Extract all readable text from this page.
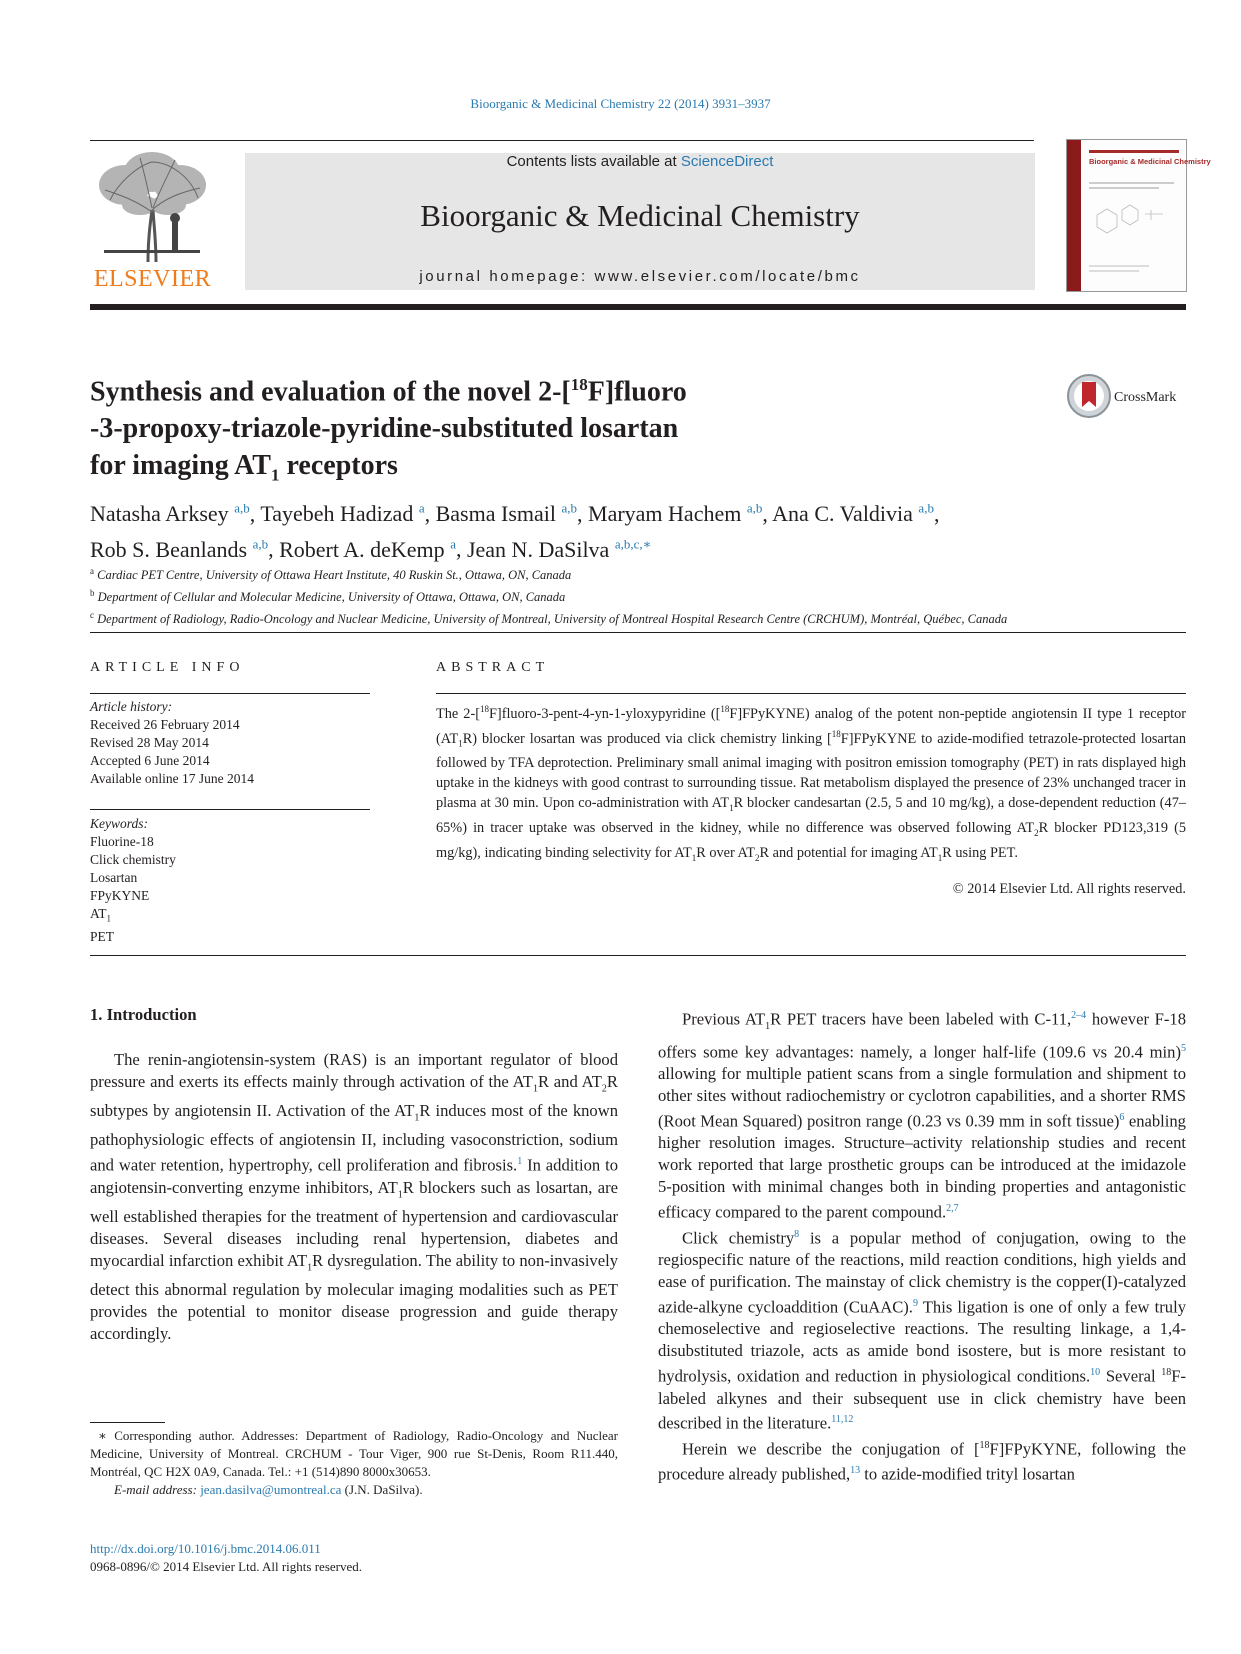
Bioorganic & Medicinal Chemistry 22 (2014) 3931–3937
ELSEVIER
Contents lists available at ScienceDirect
Bioorganic & Medicinal Chemistry
journal homepage: www.elsevier.com/locate/bmc
Bioorganic & Medicinal Chemistry
Synthesis and evaluation of the novel 2-[$^{18}$F]fluoro
-3-propoxy-triazole-pyridine-substituted losartan
for imaging $AT_1$ receptors
CrossMark
Natasha Arksey $^{a,b}$, Tayebeh Hadizad $^a$, Basma Ismail $^{a,b}$, Maryam Hachem $^{a,b}$, Ana C. Valdivia $^{a,b}$,
Rob S. Beanlands $^{a,b}$, Robert A. deKemp $^a$, Jean N. DaSilva $^{a,b,c,∗}$
$^a$ Cardiac PET Centre, University of Ottawa Heart Institute, 40 Ruskin St., Ottawa, ON, Canada
$^b$ Department of Cellular and Molecular Medicine, University of Ottawa, Ottawa, ON, Canada
$^c$ Department of Radiology, Radio-Oncology and Nuclear Medicine, University of Montreal, University of Montreal Hospital Research Centre (CRCHUM), Montréal, Québec, Canada
ARTICLE INFO	ABSTRACT
Article history:
Received 26 February 2014
Revised 28 May 2014
Accepted 6 June 2014
Available online 17 June 2014
Keywords:
Fluorine-18
Click chemistry
Losartan
FPyKYNE
$AT_1$
PET
The 2-[$^{18}$F]fluoro-3-pent-4-yn-1-yloxypyridine ([$^{18}$F]FPyKYNE) analog of the potent non-peptide angiotensin II type 1 receptor $(AT_1R)$ blocker losartan was produced via click chemistry linking [$^{18}$F]FPyKYNE to azide-modified tetrazole-protected losartan followed by TFA deprotection. Preliminary small animal imaging with positron emission tomography (PET) in rats displayed high uptake in the kidneys with good contrast to surrounding tissue. Rat metabolism displayed the presence of 23% unchanged tracer in plasma at 30 min. Upon co-administration with $AT_1R$ blocker candesartan (2.5, 5 and 10 mg/kg), a dose-dependent reduction (47–65%) in tracer uptake was observed in the kidney, while no difference was observed following $AT_2R$ blocker PD123,319 (5 mg/kg), indicating binding selectivity for $AT_1R$ over $AT_2R$ and potential for imaging $AT_1R$ using PET.
© 2014 Elsevier Ltd. All rights reserved.
1. Introduction

The renin-angiotensin-system (RAS) is an important regulator of blood pressure and exerts its effects mainly through activation of the $AT_1R$ and $AT_2R$ subtypes by angiotensin II. Activation of the $AT_1R$ induces most of the known pathophysiologic effects of angiotensin II, including vasoconstriction, sodium and water retention, hypertrophy, cell proliferation and fibrosis.$^1$ In addition to angiotensin-converting enzyme inhibitors, $AT_1R$ blockers such as losartan, are well established therapies for the treatment of hypertension and cardiovascular diseases. Several diseases including renal hypertension, diabetes and myocardial infarction exhibit $AT_1R$ dysregulation. The ability to non-invasively detect this abnormal regulation by molecular imaging modalities such as PET provides the potential to monitor disease progression and guide therapy accordingly.

Previous $AT_1R$ PET tracers have been labeled with C-11,$^{2-4}$ however F-18 offers some key advantages: namely, a longer half-life (109.6 vs 20.4 min)$^5$ allowing for multiple patient scans from a single formulation and shipment to other sites without radiochemistry or cyclotron capabilities, and a shorter RMS (Root Mean Squared) positron range (0.23 vs 0.39 mm in soft tissue)$^6$ enabling higher resolution images. Structure–activity relationship studies and recent work reported that large prosthetic groups can be introduced at the imidazole 5-position with minimal changes both in binding properties and antagonistic efficacy compared to the parent compound.$^{2,7}$

Click chemistry$^8$ is a popular method of conjugation, owing to the regiospecific nature of the reactions, mild reaction conditions, high yields and ease of purification. The mainstay of click chemistry is the copper(I)-catalyzed azide-alkyne cycloaddition (CuAAC).$^9$ This ligation is one of only a few truly chemoselective and regioselective reactions. The resulting linkage, a 1,4-disubstituted triazole, acts as amide bond isostere, but is more resistant to hydrolysis, oxidation and reduction in physiological conditions.$^{10}$ Several $^{18}$F-labeled alkynes and their subsequent use in click chemistry have been described in the literature.$^{11,12}$

Herein we describe the conjugation of [$^{18}$F]FPyKYNE, following the procedure already published,$^{13}$ to azide-modified trityl losartan

∗ Corresponding author. Addresses: Department of Radiology, Radio-Oncology and Nuclear Medicine, University of Montreal. CRCHUM - Tour Viger, 900 rue St-Denis, Room R11.440, Montréal, QC H2X 0A9, Canada. Tel.: +1 (514)890 8000x30653.

E-mail address: jean.dasilva@umontreal.ca (J.N. DaSilva).

http://dx.doi.org/10.1016/j.bmc.2014.06.011
0968-0896/© 2014 Elsevier Ltd. All rights reserved.
